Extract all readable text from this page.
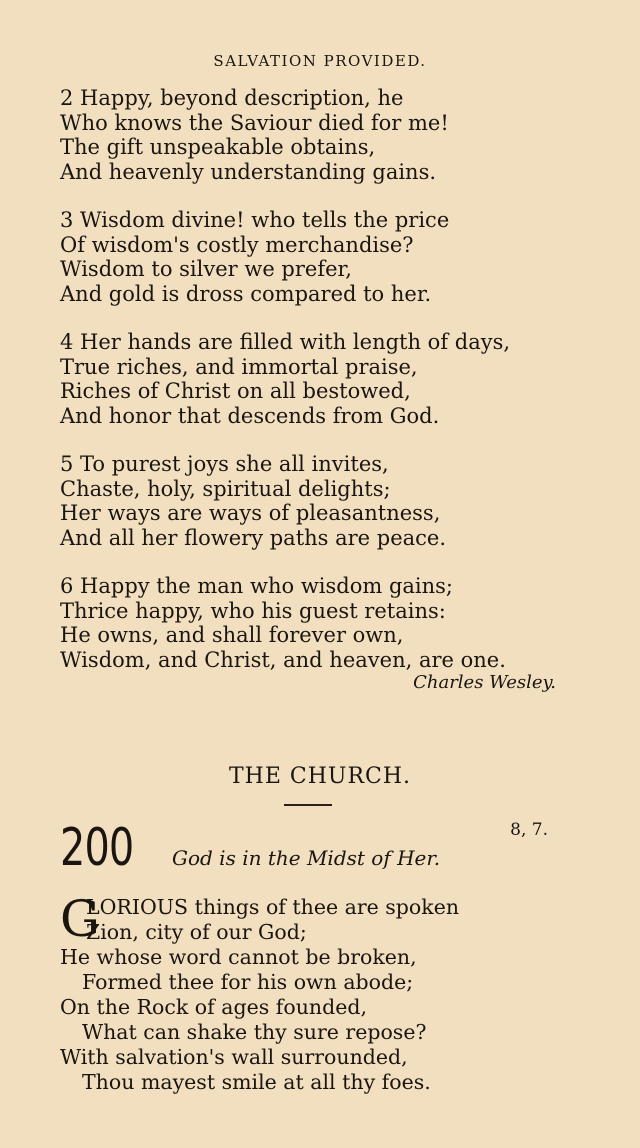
SALVATION PROVIDED.
2 Happy, beyond description, he
Who knows the Saviour died for me!
The gift unspeakable obtains,
And heavenly understanding gains.
3 Wisdom divine! who tells the price
Of wisdom's costly merchandise?
Wisdom to silver we prefer,
And gold is dross compared to her.
4 Her hands are filled with length of days,
True riches, and immortal praise,
Riches of Christ on all bestowed,
And honor that descends from God.
5 To purest joys she all invites,
Chaste, holy, spiritual delights;
Her ways are ways of pleasantness,
And all her flowery paths are peace.
6 Happy the man who wisdom gains;
Thrice happy, who his guest retains:
He owns, and shall forever own,
Wisdom, and Christ, and heaven, are one.
Charles Wesley.
THE CHURCH.
200	8, 7.
God is in the Midst of Her.
G
LORIOUS things of thee are spoken
Zion, city of our God;
He whose word cannot be broken,
Formed thee for his own abode;
On the Rock of ages founded,
What can shake thy sure repose?
With salvation's wall surrounded,
Thou mayest smile at all thy foes.
